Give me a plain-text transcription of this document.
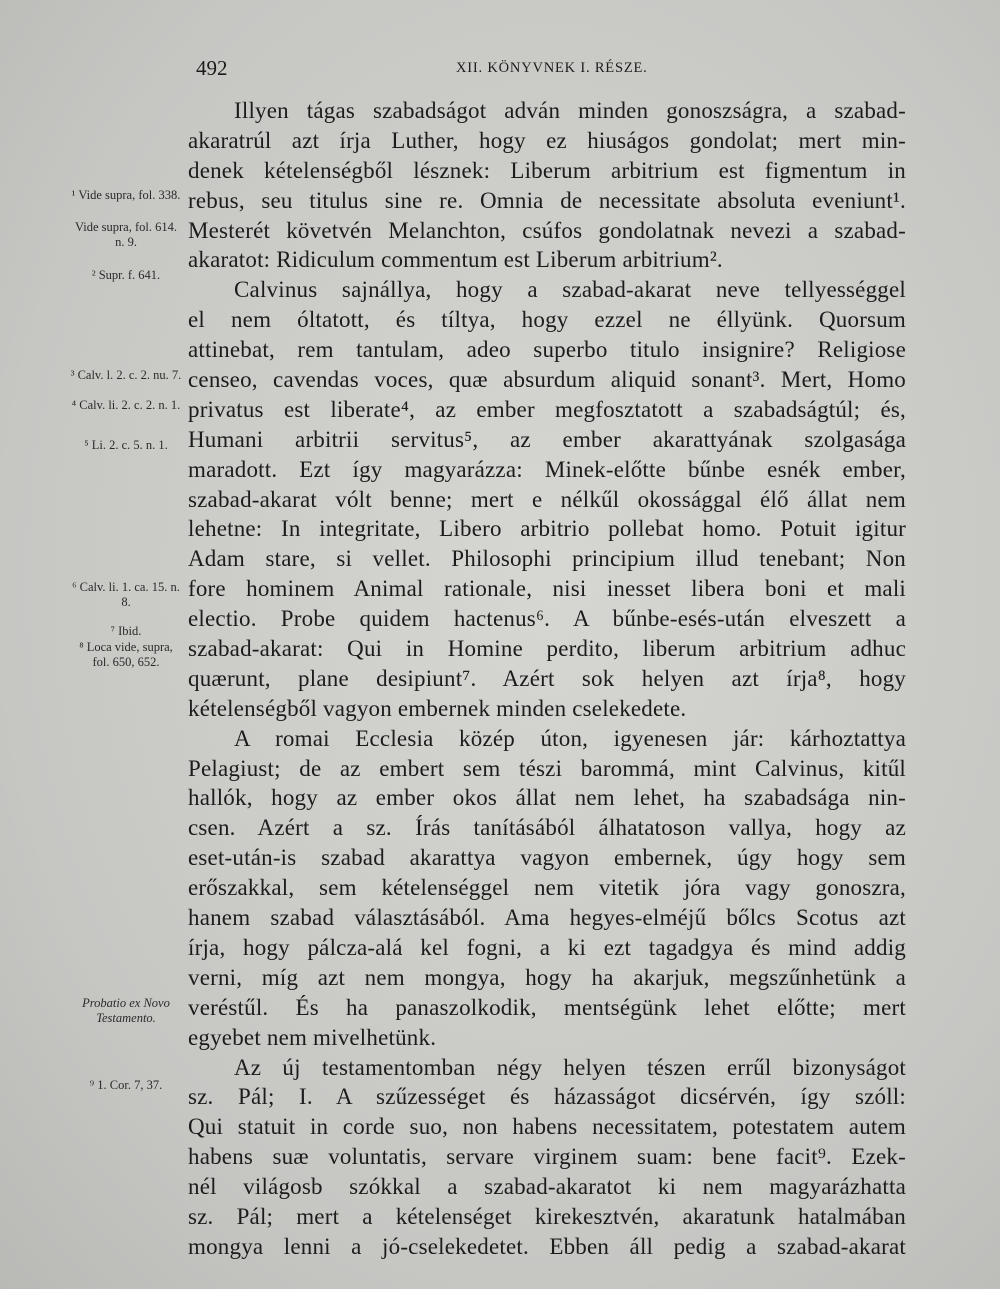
492	XII. KÖNYVNEK I. RÉSZE.
¹ Vide supra, fol. 338.
Vide supra, fol. 614. n. 9.
² Supr. f. 641.
³ Calv. l. 2. c. 2. nu. 7.
⁴ Calv. li. 2. c. 2. n. 1.
⁵ Li. 2. c. 5. n. 1.
⁶ Calv. li. 1. ca. 15. n. 8.
⁷ Ibid.
⁸ Loca vide, supra, fol. 650, 652.
Probatio ex Novo Testamento.
⁹ 1. Cor. 7, 37.
Illyen tágas szabadságot adván minden gonoszságra, a szabad-
akaratrúl azt írja Luther, hogy ez hiuságos gondolat; mert min-
denek kételenségből lésznek: Liberum arbitrium est figmentum in
rebus, seu titulus sine re. Omnia de necessitate absoluta eveniunt¹.
Mesterét követvén Melanchton, csúfos gondolatnak nevezi a szabad-
akaratot: Ridiculum commentum est Liberum arbitrium².
Calvinus sajnállya, hogy a szabad-akarat neve tellyességgel
el nem óltatott, és tíltya, hogy ezzel ne éllyünk. Quorsum
attinebat, rem tantulam, adeo superbo titulo insignire? Religiose
censeo, cavendas voces, quæ absurdum aliquid sonant³. Mert, Homo
privatus est liberate⁴, az ember megfosztatott a szabadságtúl; és,
Humani arbitrii servitus⁵, az ember akarattyának szolgasága
maradott. Ezt így magyarázza: Minek-előtte bűnbe esnék ember,
szabad-akarat vólt benne; mert e nélkűl okossággal élő állat nem
lehetne: In integritate, Libero arbitrio pollebat homo. Potuit igitur
Adam stare, si vellet. Philosophi principium illud tenebant; Non
fore hominem Animal rationale, nisi inesset libera boni et mali
electio. Probe quidem hactenus⁶. A bűnbe-esés-után elveszett a
szabad-akarat: Qui in Homine perdito, liberum arbitrium adhuc
quærunt, plane desipiunt⁷. Azért sok helyen azt írja⁸, hogy
kételenségből vagyon embernek minden cselekedete.
A romai Ecclesia közép úton, igyenesen jár: kárhoztattya
Pelagiust; de az embert sem tészi barommá, mint Calvinus, kitűl
hallók, hogy az ember okos állat nem lehet, ha szabadsága nin-
csen. Azért a sz. Írás tanításából álhatatoson vallya, hogy az
eset-után-is szabad akarattya vagyon embernek, úgy hogy sem
erőszakkal, sem kételenséggel nem vitetik jóra vagy gonoszra,
hanem szabad választásából. Ama hegyes-elméjű bőlcs Scotus azt
írja, hogy pálcza-alá kel fogni, a ki ezt tagadgya és mind addig
verni, míg azt nem mongya, hogy ha akarjuk, megszűnhetünk a
veréstűl. És ha panaszolkodik, mentségünk lehet előtte; mert
egyebet nem mivelhetünk.
Az új testamentomban négy helyen tészen errűl bizonyságot
sz. Pál; I. A szűzességet és házasságot dicsérvén, így szóll:
Qui statuit in corde suo, non habens necessitatem, potestatem autem
habens suæ voluntatis, servare virginem suam: bene facit⁹. Ezek-
nél világosb szókkal a szabad-akaratot ki nem magyarázhatta
sz. Pál; mert a kételenséget kirekesztvén, akaratunk hatalmában
mongya lenni a jó-cselekedetet. Ebben áll pedig a szabad-akarat
